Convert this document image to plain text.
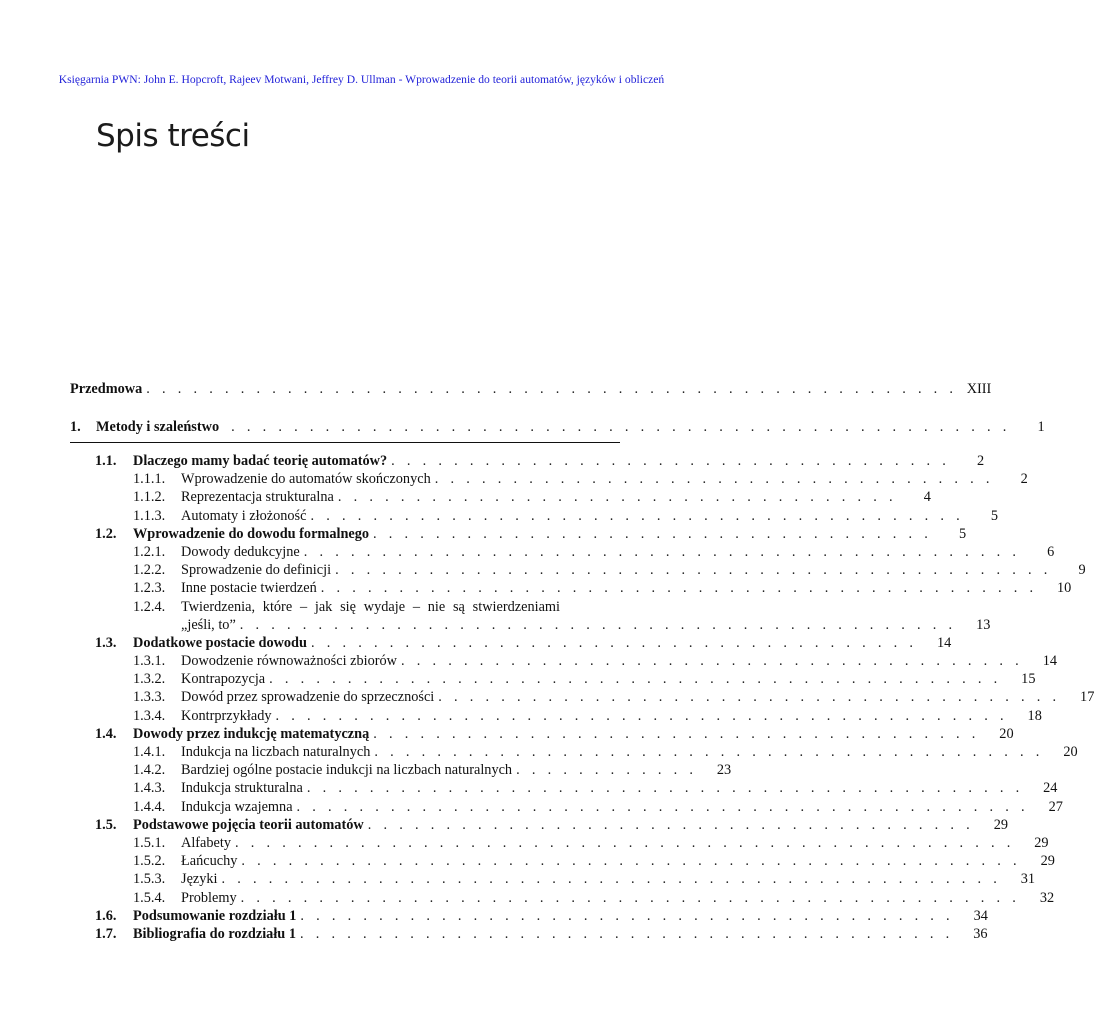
Księgarnia PWN: John E. Hopcroft, Rajeev Motwani, Jeffrey D. Ullman - Wprowadzenie do teorii automatów, języków i obliczeń
Spis treści
Przedmowa . . . . . . . . . . . . . . . . . . . . . . . . . . . . . . . . . . . . . . . . . . . . . . . . . . . . XIII
1.	Metody i szaleństwo . . . . . . . . . . . . . . . . . . . . . . . . . . . . . . . . . . . . . . . . . . . . . . . . . .	1
1.1.	Dlaczego mamy badać teorię automatów? . . . . . . . . . . . . . . . . . . . . . . . . . . . . . . . . . . . .	2
1.1.1.	Wprowadzenie do automatów skończonych . . . . . . . . . . . . . . . . . . . . . . . . . . . . . . . . . . . .	2
1.1.2.	Reprezentacja strukturalna . . . . . . . . . . . . . . . . . . . . . . . . . . . . . . . . . . . .	4
1.1.3.	Automaty i złożoność . . . . . . . . . . . . . . . . . . . . . . . . . . . . . . . . . . . . . . . . . .	5
1.2.	Wprowadzenie do dowodu formalnego . . . . . . . . . . . . . . . . . . . . . . . . . . . . . . . . . . . .	5
1.2.1.	Dowody dedukcyjne . . . . . . . . . . . . . . . . . . . . . . . . . . . . . . . . . . . . . . . . . . . . . .	6
1.2.2.	Sprowadzenie do definicji . . . . . . . . . . . . . . . . . . . . . . . . . . . . . . . . . . . . . . . . . . . . . .	9
1.2.3.	Inne postacie twierdzeń . . . . . . . . . . . . . . . . . . . . . . . . . . . . . . . . . . . . . . . . . . . . . .	10
1.2.4.	Twierdzenia, które – jak się wydaje – nie są stwierdzeniami
„jeśli, to” . . . . . . . . . . . . . . . . . . . . . . . . . . . . . . . . . . . . . . . . . . . . . .	13
1.3.	Dodatkowe postacie dowodu . . . . . . . . . . . . . . . . . . . . . . . . . . . . . . . . . . . . . . .	14
1.3.1.	Dowodzenie równoważności zbiorów . . . . . . . . . . . . . . . . . . . . . . . . . . . . . . . . . . . . . . . .	14
1.3.2.	Kontrapozycja . . . . . . . . . . . . . . . . . . . . . . . . . . . . . . . . . . . . . . . . . . . . . . .	15
1.3.3.	Dowód przez sprowadzenie do sprzeczności . . . . . . . . . . . . . . . . . . . . . . . . . . . . . . . . . . . . . . . .	17
1.3.4.	Kontrprzykłady . . . . . . . . . . . . . . . . . . . . . . . . . . . . . . . . . . . . . . . . . . . . . . .	18
1.4.	Dowody przez indukcję matematyczną . . . . . . . . . . . . . . . . . . . . . . . . . . . . . . . . . . . . . . .	20
1.4.1.	Indukcja na liczbach naturalnych . . . . . . . . . . . . . . . . . . . . . . . . . . . . . . . . . . . . . . . . . . .	20
1.4.2.	Bardziej ogólne postacie indukcji na liczbach naturalnych . . . . . . . . . . . .	23
1.4.3.	Indukcja strukturalna . . . . . . . . . . . . . . . . . . . . . . . . . . . . . . . . . . . . . . . . . . . . . .	24
1.4.4.	Indukcja wzajemna . . . . . . . . . . . . . . . . . . . . . . . . . . . . . . . . . . . . . . . . . . . . . . .	27
1.5.	Podstawowe pojęcia teorii automatów . . . . . . . . . . . . . . . . . . . . . . . . . . . . . . . . . . . . . . .	29
1.5.1.	Alfabety . . . . . . . . . . . . . . . . . . . . . . . . . . . . . . . . . . . . . . . . . . . . . . . . . .	29
1.5.2.	Łańcuchy . . . . . . . . . . . . . . . . . . . . . . . . . . . . . . . . . . . . . . . . . . . . . . . . . .	29
1.5.3.	Języki . . . . . . . . . . . . . . . . . . . . . . . . . . . . . . . . . . . . . . . . . . . . . . . . . .	31
1.5.4.	Problemy . . . . . . . . . . . . . . . . . . . . . . . . . . . . . . . . . . . . . . . . . . . . . . . . . .	32
1.6.	Podsumowanie rozdziału 1 . . . . . . . . . . . . . . . . . . . . . . . . . . . . . . . . . . . . . . . . . .	34
1.7.	Bibliografia do rozdziału 1 . . . . . . . . . . . . . . . . . . . . . . . . . . . . . . . . . . . . . . . . . .	36
